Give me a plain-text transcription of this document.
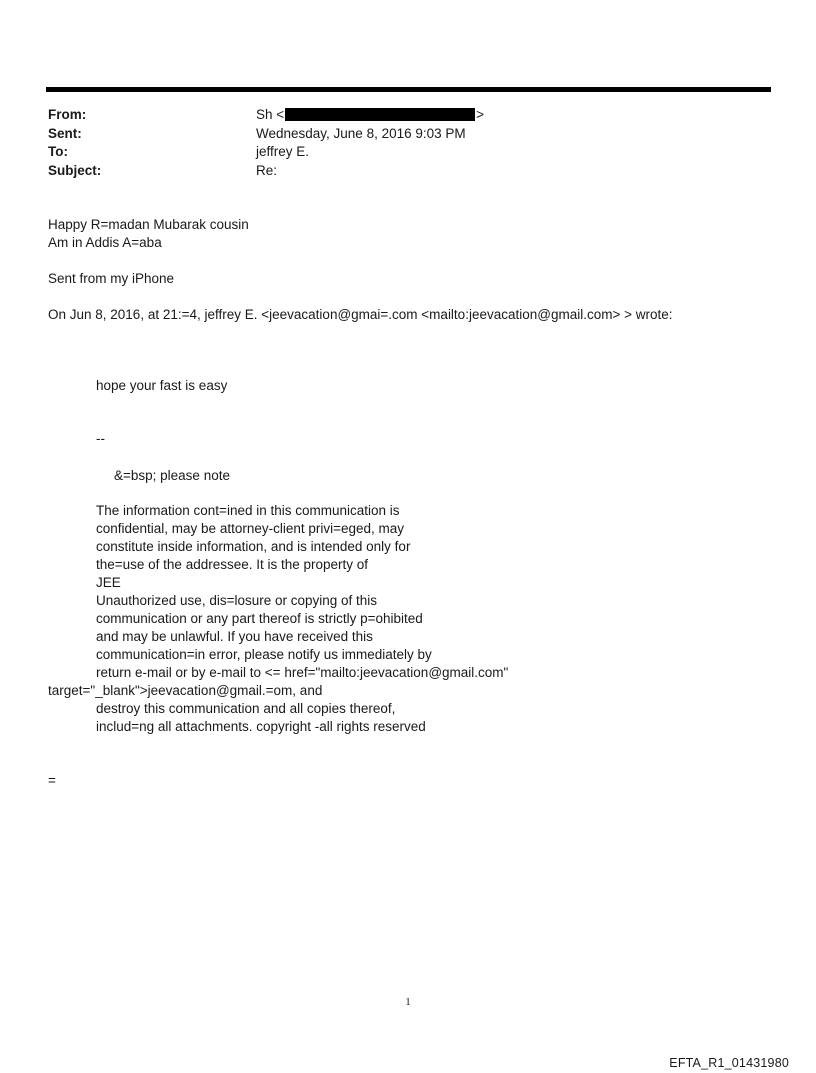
From:	Sh <	>
Sent:	Wednesday, June 8, 2016 9:03 PM
To:	jeffrey E.
Subject:	Re:
Happy R=madan Mubarak cousin
Am in Addis A=aba
Sent from my iPhone
On Jun 8, 2016, at 21:=4, jeffrey E. <jeevacation@gmai=.com <mailto:jeevacation@gmail.com> > wrote:
hope your fast is easy
--
&=bsp; please note
The information cont=ined in this communication is
confidential, may be attorney-client privi=eged, may
constitute inside information, and is intended only for
the=use of the addressee. It is the property of
JEE
Unauthorized use, dis=losure or copying of this
communication or any part thereof is strictly p=ohibited
and may be unlawful. If you have received this
communication=in error, please notify us immediately by
return e-mail or by e-mail to <= href="mailto:jeevacation@gmail.com"
target="_blank">jeevacation@gmail.=om, and
destroy this communication and all copies thereof,
includ=ng all attachments. copyright -all rights reserved
=
1
EFTA_R1_01431980
